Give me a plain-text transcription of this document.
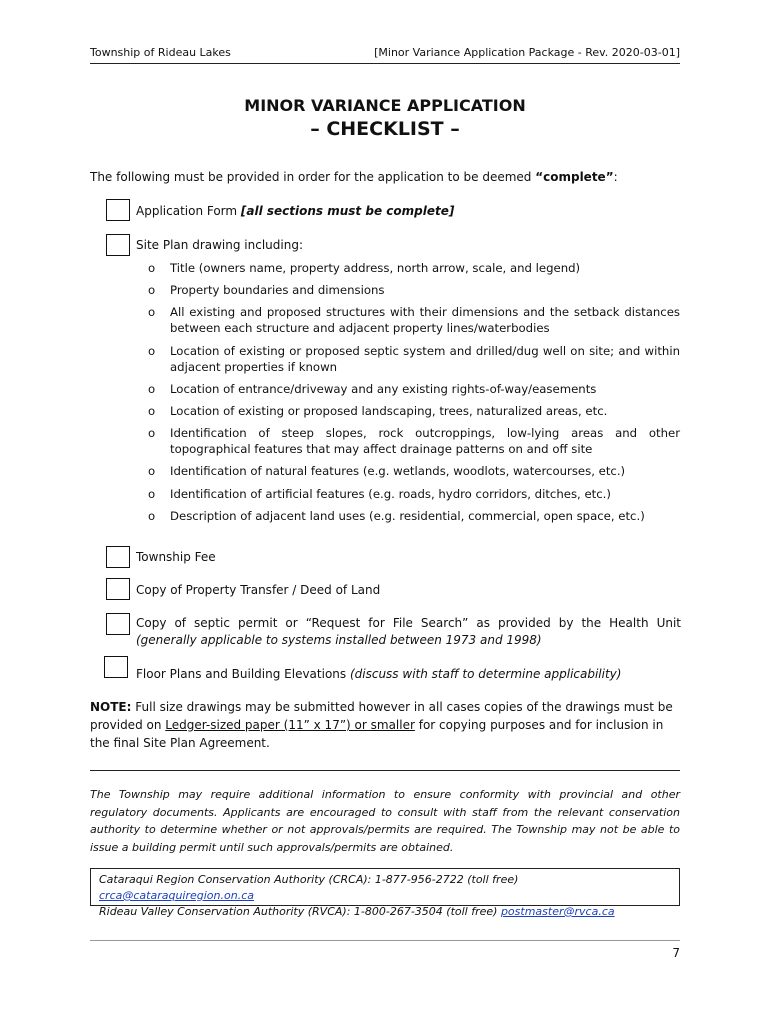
Township of Rideau Lakes	[Minor Variance Application Package - Rev. 2020-03-01]
MINOR VARIANCE APPLICATION
– CHECKLIST –
The following must be provided in order for the application to be deemed “complete”:
Application Form [all sections must be complete]
Site Plan drawing including:
o Title (owners name, property address, north arrow, scale, and legend)
o Property boundaries and dimensions
o All existing and proposed structures with their dimensions and the setback distances between each structure and adjacent property lines/waterbodies
o Location of existing or proposed septic system and drilled/dug well on site; and within adjacent properties if known
o Location of entrance/driveway and any existing rights-of-way/easements
o Location of existing or proposed landscaping, trees, naturalized areas, etc.
o Identification of steep slopes, rock outcroppings, low-lying areas and other topographical features that may affect drainage patterns on and off site
o Identification of natural features (e.g. wetlands, woodlots, watercourses, etc.)
o Identification of artificial features (e.g. roads, hydro corridors, ditches, etc.)
o Description of adjacent land uses (e.g. residential, commercial, open space, etc.)
Township Fee
Copy of Property Transfer / Deed of Land
Copy of septic permit or “Request for File Search” as provided by the Health Unit (generally applicable to systems installed between 1973 and 1998)
Floor Plans and Building Elevations (discuss with staff to determine applicability)
NOTE: Full size drawings may be submitted however in all cases copies of the drawings must be provided on Ledger-sized paper (11” x 17”) or smaller for copying purposes and for inclusion in the final Site Plan Agreement.
The Township may require additional information to ensure conformity with provincial and other regulatory documents. Applicants are encouraged to consult with staff from the relevant conservation authority to determine whether or not approvals/permits are required. The Township may not be able to issue a building permit until such approvals/permits are obtained.
Cataraqui Region Conservation Authority (CRCA): 1-877-956-2722 (toll free) crca@cataraquiregion.on.ca
Rideau Valley Conservation Authority (RVCA): 1-800-267-3504 (toll free) postmaster@rvca.ca
7
